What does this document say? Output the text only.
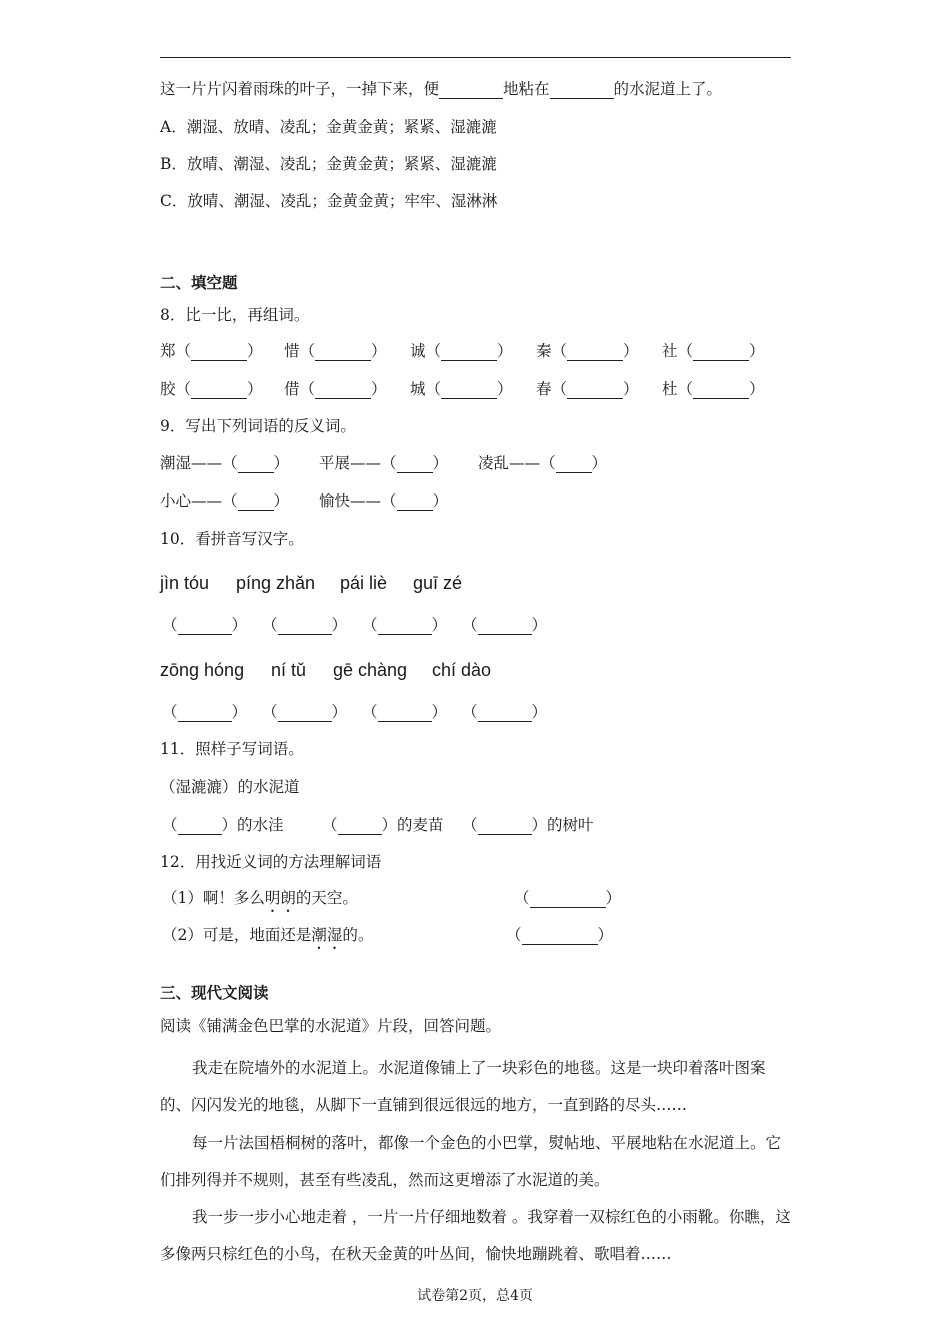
这一片片闪着雨珠的叶子，一掉下来，便	地粘在	的水泥道上了。
A．潮湿、放晴、凌乱；金黄金黄；紧紧、湿漉漉
B．放晴、潮湿、凌乱；金黄金黄；紧紧、湿漉漉
C．放晴、潮湿、凌乱；金黄金黄；牢牢、湿淋淋
二、填空题
8．比一比，再组词。
郑（	） 惜（	） 诚（	） 秦（	） 社（	）
胶（	） 借（	） 城（	） 春（	） 杜（	）
9．写出下列词语的反义词。
潮湿——（ ） 平展——（ ） 凌乱——（ ）
小心——（ ） 愉快——（ ）
10．看拼音写汉字。
jìn tóu píng zhǎn pái liè guī zé
（	） （	） （	） （	）
zōng hóng ní tǔ gē chàng chí dào
（	） （	） （	） （	）
11．照样子写词语。
（湿漉漉）的水泥道
（	）的水洼 （	）的麦苗 （	）的树叶
12．用找近义词的方法理解词语
（1）啊！多么明朗的天空。	（	）
（2）可是，地面还是潮湿的。	（	）
三、现代文阅读
阅读《铺满金色巴掌的水泥道》片段，回答问题。
我走在院墙外的水泥道上。水泥道像铺上了一块彩色的地毯。这是一块印着落叶图案的、闪闪发光的地毯，从脚下一直铺到很远很远的地方，一直到路的尽头……
每一片法国梧桐树的落叶，都像一个金色的小巴掌，熨帖地、平展地粘在水泥道上。它们排列得并不规则，甚至有些凌乱，然而这更增添了水泥道的美。
我一步一步小心地走着 ，一片一片仔细地数着 。我穿着一双棕红色的小雨靴。你瞧，这多像两只棕红色的小鸟，在秋天金黄的叶丛间，愉快地蹦跳着、歌唱着……
试卷第2页，总4页
